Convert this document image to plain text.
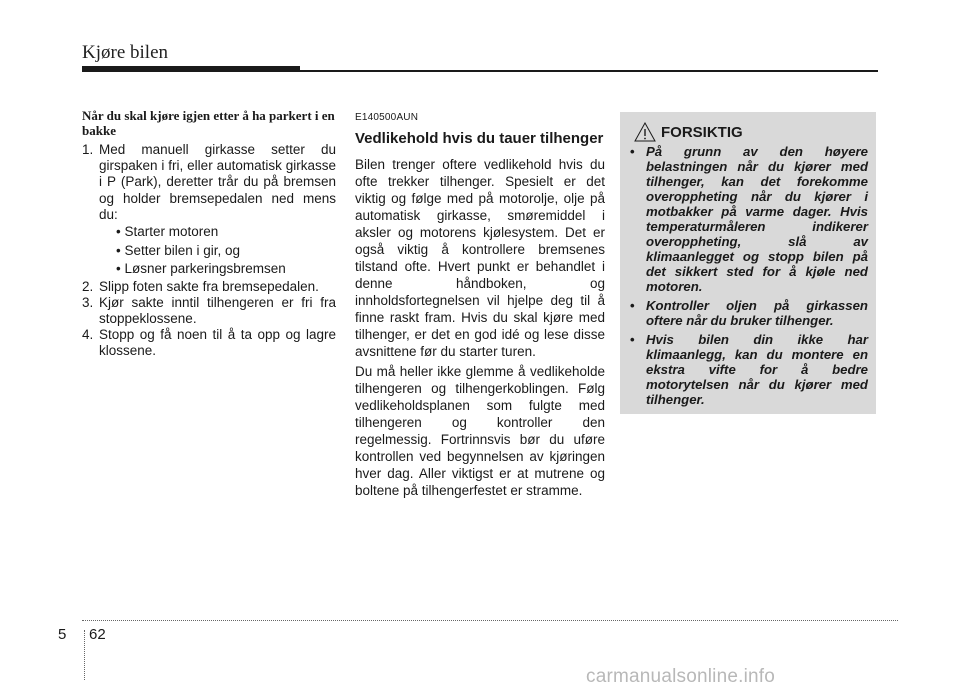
Kjøre bilen
Når du skal kjøre igjen etter å ha parkert i en bakke
1. Med manuell girkasse setter du girspaken i fri, eller automatisk girkasse i P (Park), deretter trår du på bremsen og holder bremsepedalen ned mens du:
• Starter motoren
• Setter bilen i gir, og
• Løsner parkeringsbremsen
2. Slipp foten sakte fra bremsepedalen.
3. Kjør sakte inntil tilhengeren er fri fra stoppeklossene.
4. Stopp og få noen til å ta opp og lagre klossene.
E140500AUN
Vedlikehold hvis du tauer tilhenger

Bilen trenger oftere vedlikehold hvis du ofte trekker tilhenger. Spesielt er det viktig og følge med på motorolje, olje på automatisk girkasse, smøremiddel i aksler og motorens kjølesystem. Det er også viktig å kontrollere bremsenes tilstand ofte. Hvert punkt er behandlet i denne håndboken, og innholdsfortegnelsen vil hjelpe deg til å finne raskt fram. Hvis du skal kjøre med tilhenger, er det en god idé og lese disse avsnittene før du starter turen.

Du må heller ikke glemme å vedlikeholde tilhengeren og tilhengerkoblingen. Følg vedlikeholdsplanen som fulgte med tilhengeren og kontroller den regelmessig. Fortrinnsvis bør du uføre kontrollen ved begynnelsen av kjøringen hver dag. Aller viktigst er at mutrene og boltene på tilhengerfestet er stramme.

FORSIKTIG
• På grunn av den høyere belastningen når du kjører med tilhenger, kan det forekomme overoppheting når du kjører i motbakker på varme dager. Hvis temperaturmåleren indikerer overoppheting, slå av klimaanlegget og stopp bilen på det sikkert sted for å kjøle ned motoren.
• Kontroller oljen på girkassen oftere når du bruker tilhenger.
• Hvis bilen din ikke har klimaanlegg, kan du montere en ekstra vifte for å bedre motorytelsen når du kjører med tilhenger.
5 62
carmanualsonline.info
